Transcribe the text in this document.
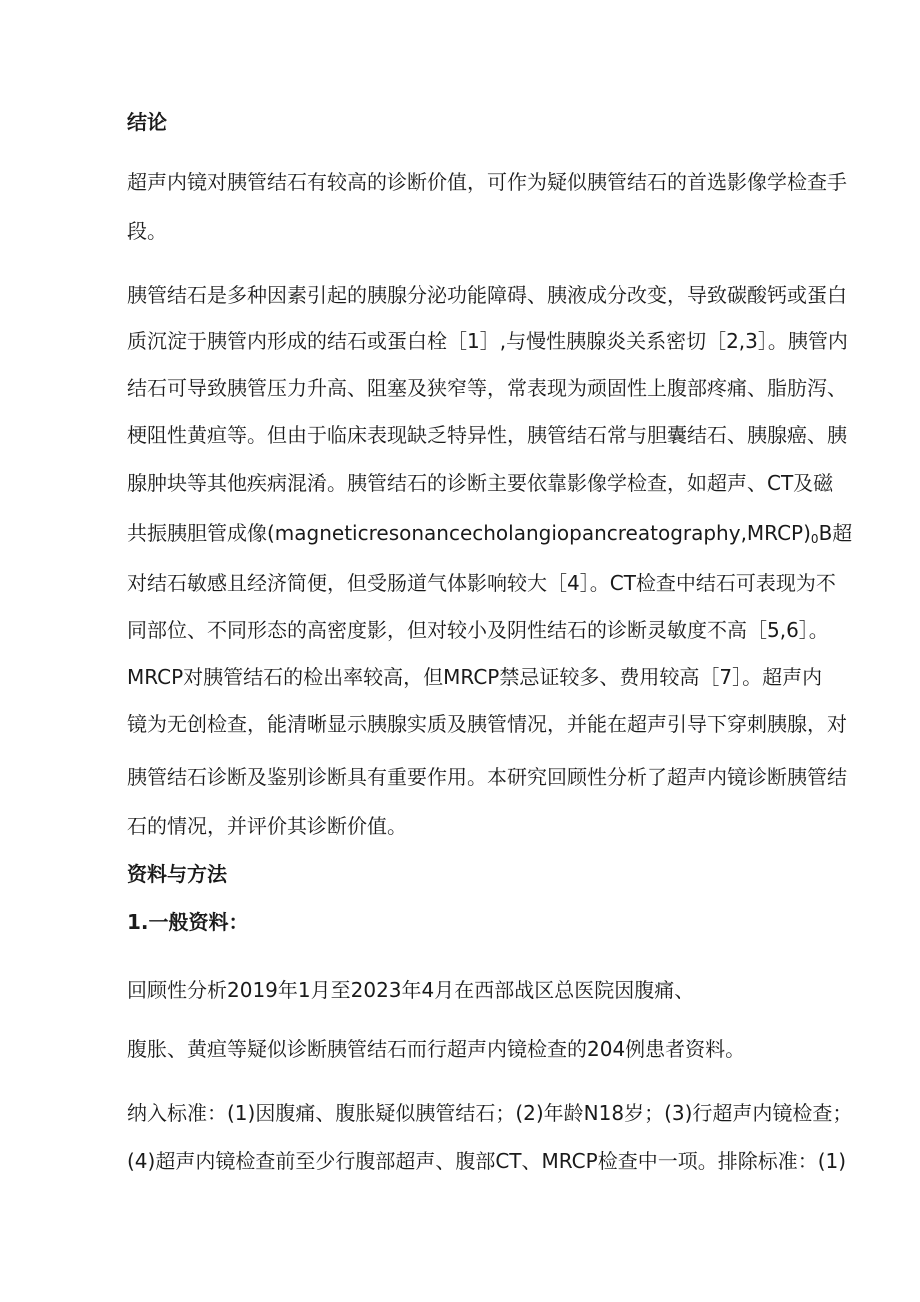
结论
超声内镜对胰管结石有较高的诊断价值，可作为疑似胰管结石的首选影像学检查手
段。
胰管结石是多种因素引起的胰腺分泌功能障碍、胰液成分改变，导致碳酸钙或蛋白
质沉淀于胰管内形成的结石或蛋白栓［1］,与慢性胰腺炎关系密切［2,3］。胰管内
结石可导致胰管压力升高、阻塞及狭窄等，常表现为顽固性上腹部疼痛、脂肪泻、
梗阻性黄疸等。但由于临床表现缺乏特异性，胰管结石常与胆囊结石、胰腺癌、胰
腺肿块等其他疾病混淆。胰管结石的诊断主要依靠影像学检查，如超声、CT及磁
共振胰胆管成像$(magneticresonancecholangiopancreatography,MRCP)_0B$超
对结石敏感且经济简便，但受肠道气体影响较大［4］。CT检查中结石可表现为不
同部位、不同形态的高密度影，但对较小及阴性结石的诊断灵敏度不高［5,6］。
MRCP对胰管结石的检出率较高，但MRCP禁忌证较多、费用较高［7］。超声内
镜为无创检查，能清晰显示胰腺实质及胰管情况，并能在超声引导下穿刺胰腺，对
胰管结石诊断及鉴别诊断具有重要作用。本研究回顾性分析了超声内镜诊断胰管结
石的情况，并评价其诊断价值。
资料与方法
1.一般资料：
回顾性分析2019年1月至2023年4月在西部战区总医院因腹痛、
腹胀、黄疸等疑似诊断胰管结石而行超声内镜检查的204例患者资料。
纳入标准：(1)因腹痛、腹胀疑似胰管结石；(2)年龄N18岁；(3)行超声内镜检查；
(4)超声内镜检查前至少行腹部超声、腹部CT、MRCP检查中一项。排除标准：(1)
